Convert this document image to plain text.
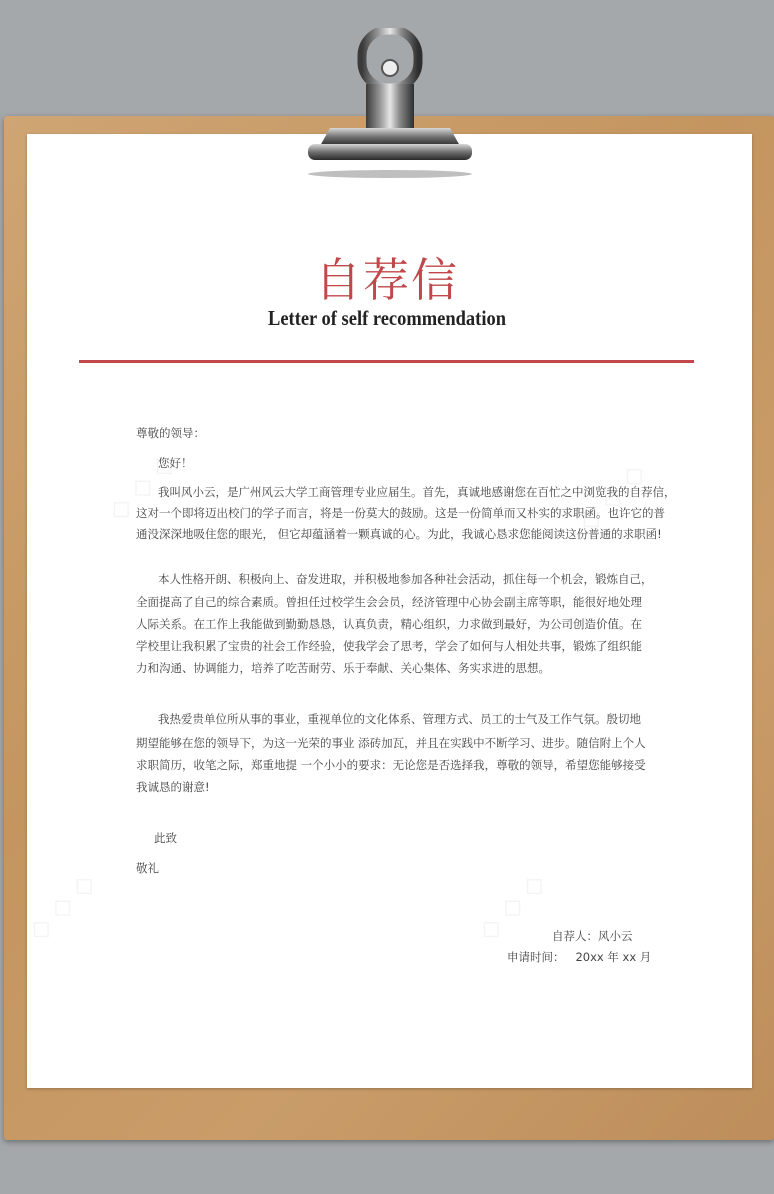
自荐信
Letter of self recommendation
尊敬的领导：
您好！
我叫风小云，是广州风云大学工商管理专业应届生。首先，真诚地感谢您在百忙之中浏览我的自荐信，
这对一个即将迈出校门的学子而言，将是一份莫大的鼓励。这是一份简单而又朴实的求职函。也许它的普
通没深深地吸住您的眼光， 但它却蕴涵着一颗真诚的心。为此，我诚心恳求您能阅读这份普通的求职函!
本人性格开朗、积极向上、奋发进取，并积极地参加各种社会活动，抓住每一个机会，锻炼自己，
全面提高了自己的综合素质。曾担任过校学生会会员，经济管理中心协会副主席等职，能很好地处理
人际关系。在工作上我能做到勤勤恳恳，认真负责，精心组织，力求做到最好，为公司创造价值。在
学校里让我积累了宝贵的社会工作经验，使我学会了思考，学会了如何与人相处共事，锻炼了组织能
力和沟通、协调能力，培养了吃苦耐劳、乐于奉献、关心集体、务实求进的思想。
我热爱贵单位所从事的事业，重视单位的文化体系、管理方式、员工的士气及工作气氛。殷切地
期望能够在您的领导下，为这一光荣的事业 添砖加瓦，并且在实践中不断学习、进步。随信附上个人
求职简历，收笔之际，郑重地提 一个小小的要求：无论您是否选择我，尊敬的领导，希望您能够接受
我诚恳的谢意!
此致
敬礼
自荐人：风小云
申请时间：   20xx 年 xx 月
